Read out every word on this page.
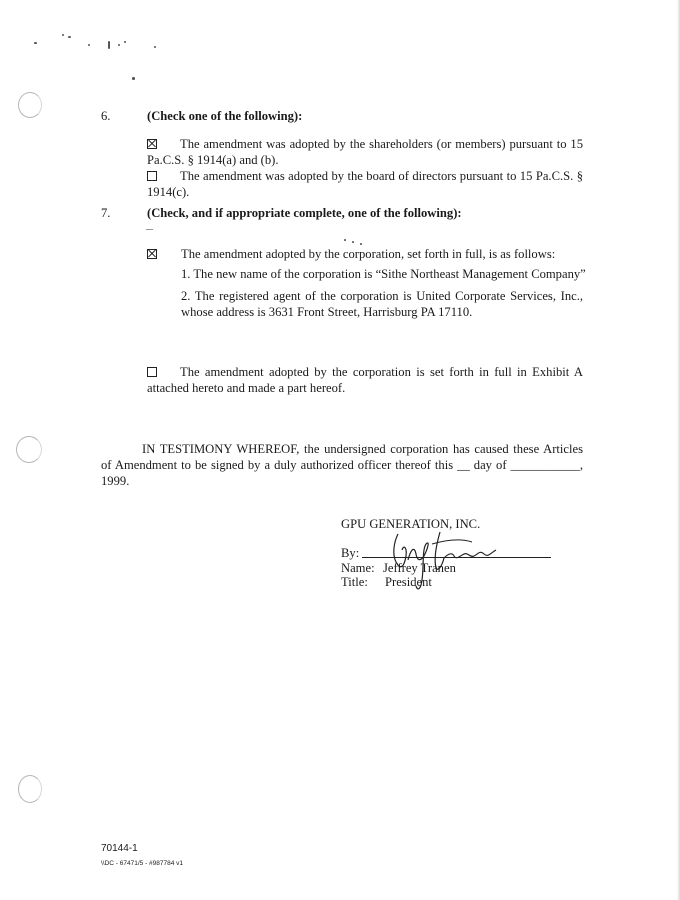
6.	(Check one of the following):
The amendment was adopted by the shareholders (or members) pursuant to 15 Pa.C.S. § 1914(a) and (b).
The amendment was adopted by the board of directors pursuant to 15 Pa.C.S. § 1914(c).
7.	(Check, and if appropriate complete, one of the following):
The amendment adopted by the corporation, set forth in full, is as follows:
1. The new name of the corporation is “Sithe Northeast Management Company”
2. The registered agent of the corporation is United Corporate Services, Inc., whose address is 3631 Front Street, Harrisburg PA 17110.
The amendment adopted by the corporation is set forth in full in Exhibit A attached hereto and made a part hereof.
IN TESTIMONY WHEREOF, the undersigned corporation has caused these Articles of Amendment to be signed by a duly authorized officer thereof this __ day of ___________, 1999.
GPU GENERATION, INC.
By:
Name: Jeffrey Tranen
Title: President
70144-1
\\DC - 67471/5 - #987784 v1
